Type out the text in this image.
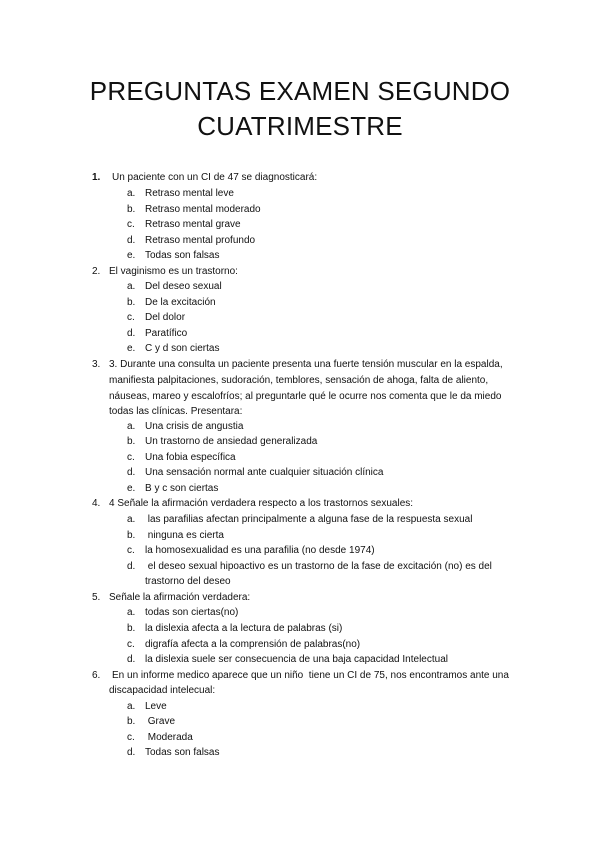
PREGUNTAS EXAMEN SEGUNDO
CUATRIMESTRE
1.	Un paciente con un CI de 47 se diagnosticará:
a. Retraso mental leve
b. Retraso mental moderado
c.	Retraso mental grave
d. Retraso mental profundo
e. Todas son falsas
2. El vaginismo es un trastorno:
a. Del deseo sexual
b. De la excitación
c.	Del dolor
d. Paratífico
e. C y d son ciertas
3. 3. Durante una consulta un paciente presenta una fuerte tensión muscular en la espalda,
manifiesta palpitaciones, sudoración, temblores, sensación de ahoga, falta de aliento,
náuseas, mareo y escalofríos; al preguntarle qué le ocurre nos comenta que le da miedo
todas las clínicas. Presentara:
a. Una crisis de angustia
b. Un trastorno de ansiedad generalizada
c.	Una fobia específica
d. Una sensación normal ante cualquier situación clínica
e. B y c son ciertas
4. 4 Señale la afirmación verdadera respecto a los trastornos sexuales:
a. las parafilias afectan principalmente a alguna fase de la respuesta sexual
b. ninguna es cierta
c.	la homosexualidad es una parafilia (no desde 1974)
d. el deseo sexual hipoactivo es un trastorno de la fase de excitación (no) es del
trastorno del deseo
5. Señale la afirmación verdadera:
a. todas son ciertas(no)
b. la dislexia afecta a la lectura de palabras (si)
c.	digrafía afecta a la comprensión de palabras(no)
d. la dislexia suele ser consecuencia de una baja capacidad Intelectual
6.	En un informe medico aparece que un niño  tiene un CI de 75, nos encontramos ante una
discapacidad intelecual:
a. Leve
b. Grave
c.	Moderada
d. Todas son falsas
